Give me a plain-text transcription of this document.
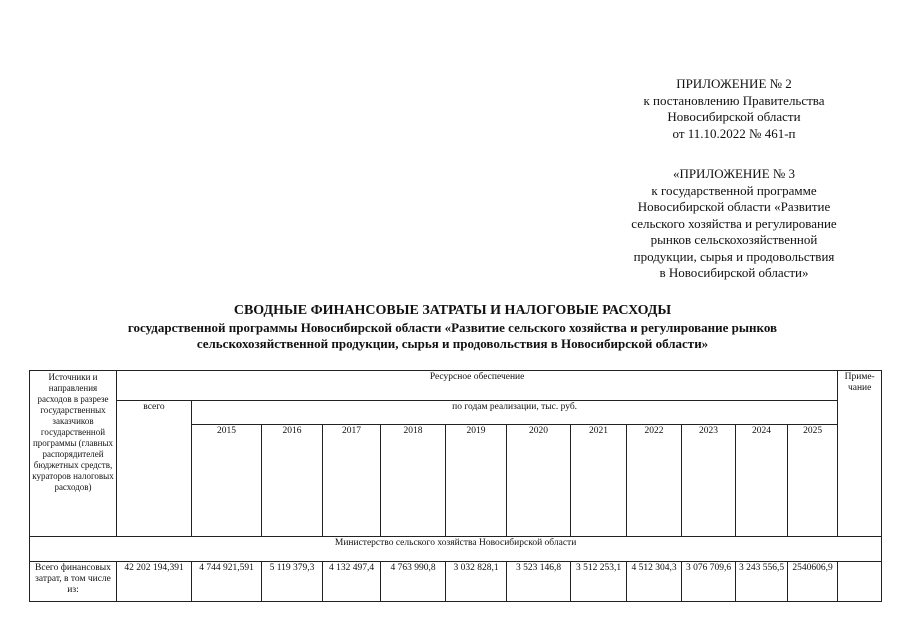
ПРИЛОЖЕНИЕ № 2
к постановлению Правительства
Новосибирской области
от 11.10.2022 № 461-п
«ПРИЛОЖЕНИЕ № 3
к государственной программе
Новосибирской области «Развитие
сельского хозяйства и регулирование
рынков сельскохозяйственной
продукции, сырья и продовольствия
в Новосибирской области»
СВОДНЫЕ ФИНАНСОВЫЕ ЗАТРАТЫ И НАЛОГОВЫЕ РАСХОДЫ
государственной программы Новосибирской области «Развитие сельского хозяйства и регулирование рынков
сельскохозяйственной продукции, сырья и продовольствия в Новосибирской области»
Источники и направления расходов в разрезе государственных заказчиков государственной программы (главных распорядителей бюджетных средств, кураторов налоговых расходов)	Ресурсное обеспечение												Приме-чание
	всего	по годам реализации, тыс. руб.											
		2015	2016	2017	2018	2019	2020	2021	2022	2023	2024	2025	
Министерство сельского хозяйства Новосибирской области													
Всего финансовых затрат, в том числе из:	42 202 194,391	4 744 921,591	5 119 379,3	4 132 497,4	4 763 990,8	3 032 828,1	3 523 146,8	3 512 253,1	4 512 304,3	3 076 709,6	3 243 556,5	2540606,9	
